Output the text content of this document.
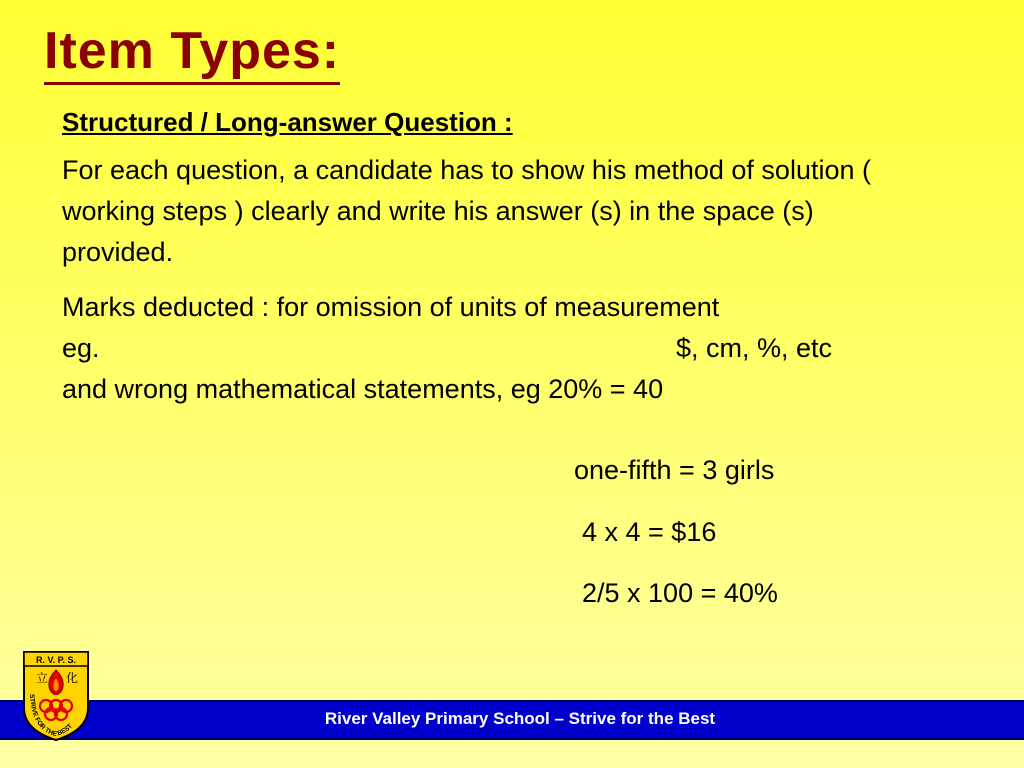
Item Types:
Structured / Long-answer Question :
For each question, a candidate has to show his method of solution ( working steps ) clearly and write his answer (s) in the space (s) provided.
Marks deducted : for omission of units of measurement
eg.	$, cm, %, etc
and wrong mathematical statements, eg 20% = 40
one-fifth = 3 girls
4 x 4 = $16
2/5 x 100 = 40%
River Valley Primary School – Strive for the Best
R. V. P. S.
立 化
STRIVE FOR THE BEST
